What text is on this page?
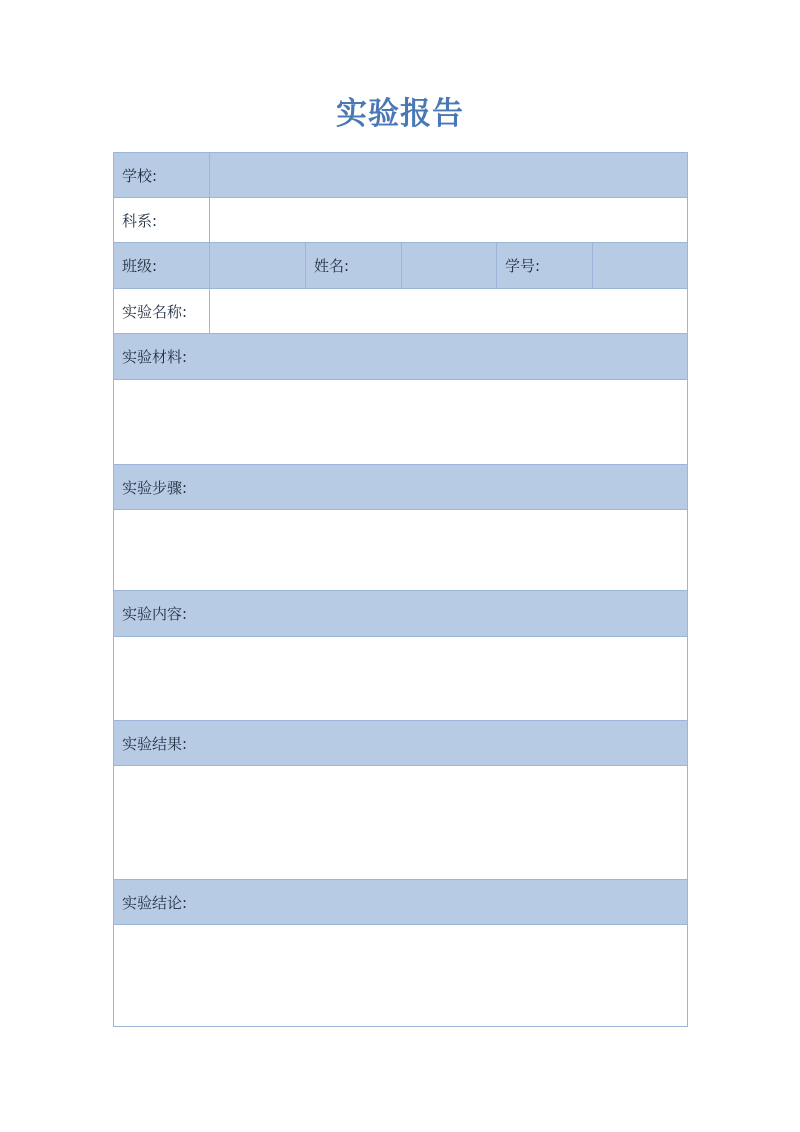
实验报告
学校:					
科系:					
班级:		姓名:		学号:	
实验名称:					
实验材料:					

实验步骤:					

实验内容:					

实验结果:					

实验结论:					
